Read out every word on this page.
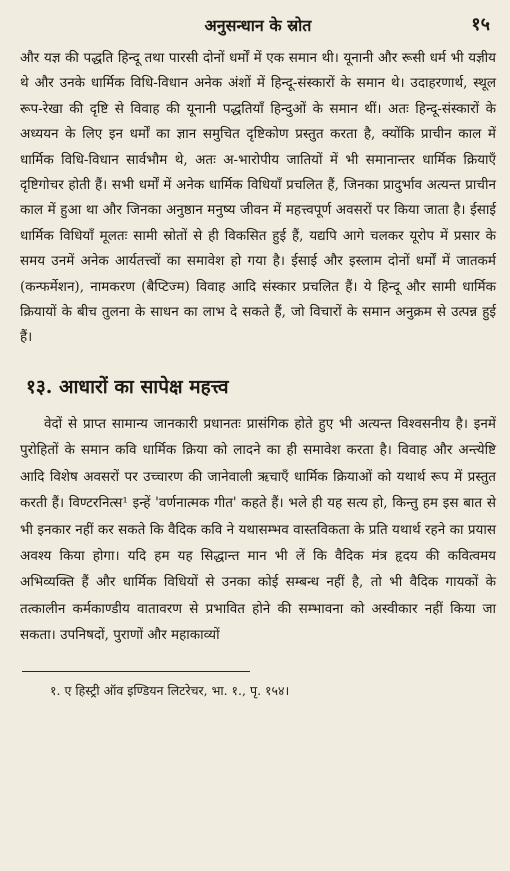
अनुसन्धान के स्रोत	१५

और यज्ञ की पद्धति हिन्दू तथा पारसी दोनों धर्मों में एक समान थी। यूनानी और रूसी धर्म भी यज्ञीय थे और उनके धार्मिक विधि-विधान अनेक अंशों में हिन्दू-संस्कारों के समान थे। उदाहरणार्थ, स्थूल रूप-रेखा की दृष्टि से विवाह की यूनानी पद्धतियाँ हिन्दुओं के समान थीं। अतः हिन्दू-संस्कारों के अध्ययन के लिए इन धर्मों का ज्ञान समुचित दृष्टिकोण प्रस्तुत करता है, क्योंकि प्राचीन काल में धार्मिक विधि-विधान सार्वभौम थे, अतः अ-भारोपीय जातियों में भी समानान्तर धार्मिक क्रियाएँ दृष्टिगोचर होती हैं। सभी धर्मों में अनेक धार्मिक विधियाँ प्रचलित हैं, जिनका प्रादुर्भाव अत्यन्त प्राचीन काल में हुआ था और जिनका अनुष्ठान मनुष्य जीवन में महत्त्वपूर्ण अवसरों पर किया जाता है। ईसाई धार्मिक विधियाँ मूलतः सामी स्रोतों से ही विकसित हुई हैं, यद्यपि आगे चलकर यूरोप में प्रसार के समय उनमें अनेक आर्यतत्त्वों का समावेश हो गया है। ईसाई और इस्लाम दोनों धर्मों में जातकर्म (कन्फर्मेशन), नामकरण (बैप्टिज्म) विवाह आदि संस्कार प्रचलित हैं। ये हिन्दू और सामी धार्मिक क्रियायों के बीच तुलना के साधन का लाभ दे सकते हैं, जो विचारों के समान अनुक्रम से उत्पन्न हुई हैं।

१३. आधारों का सापेक्ष महत्त्व

वेदों से प्राप्त सामान्य जानकारी प्रधानतः प्रासंगिक होते हुए भी अत्यन्त विश्वसनीय है। इनमें पुरोहितों के समान कवि धार्मिक क्रिया को लादने का ही समावेश करता है। विवाह और अन्त्येष्टि आदि विशेष अवसरों पर उच्चारण की जानेवाली ऋचाएँ धार्मिक क्रियाओं को यथार्थ रूप में प्रस्तुत करती हैं। विण्टरनित्स¹ इन्हें 'वर्णनात्मक गीत' कहते हैं। भले ही यह सत्य हो, किन्तु हम इस बात से भी इनकार नहीं कर सकते कि वैदिक कवि ने यथासम्भव वास्तविकता के प्रति यथार्थ रहने का प्रयास अवश्य किया होगा। यदि हम यह सिद्धान्त मान भी लें कि वैदिक मंत्र हृदय की कवित्वमय अभिव्यक्ति हैं और धार्मिक विधियों से उनका कोई सम्बन्ध नहीं है, तो भी वैदिक गायकों के तत्कालीन कर्मकाण्डीय वातावरण से प्रभावित होने की सम्भावना को अस्वीकार नहीं किया जा सकता। उपनिषदों, पुराणों और महाकाव्यों

१. ए हिस्ट्री ऑव इण्डियन लिटरेचर, भा. १., पृ. १५४।
